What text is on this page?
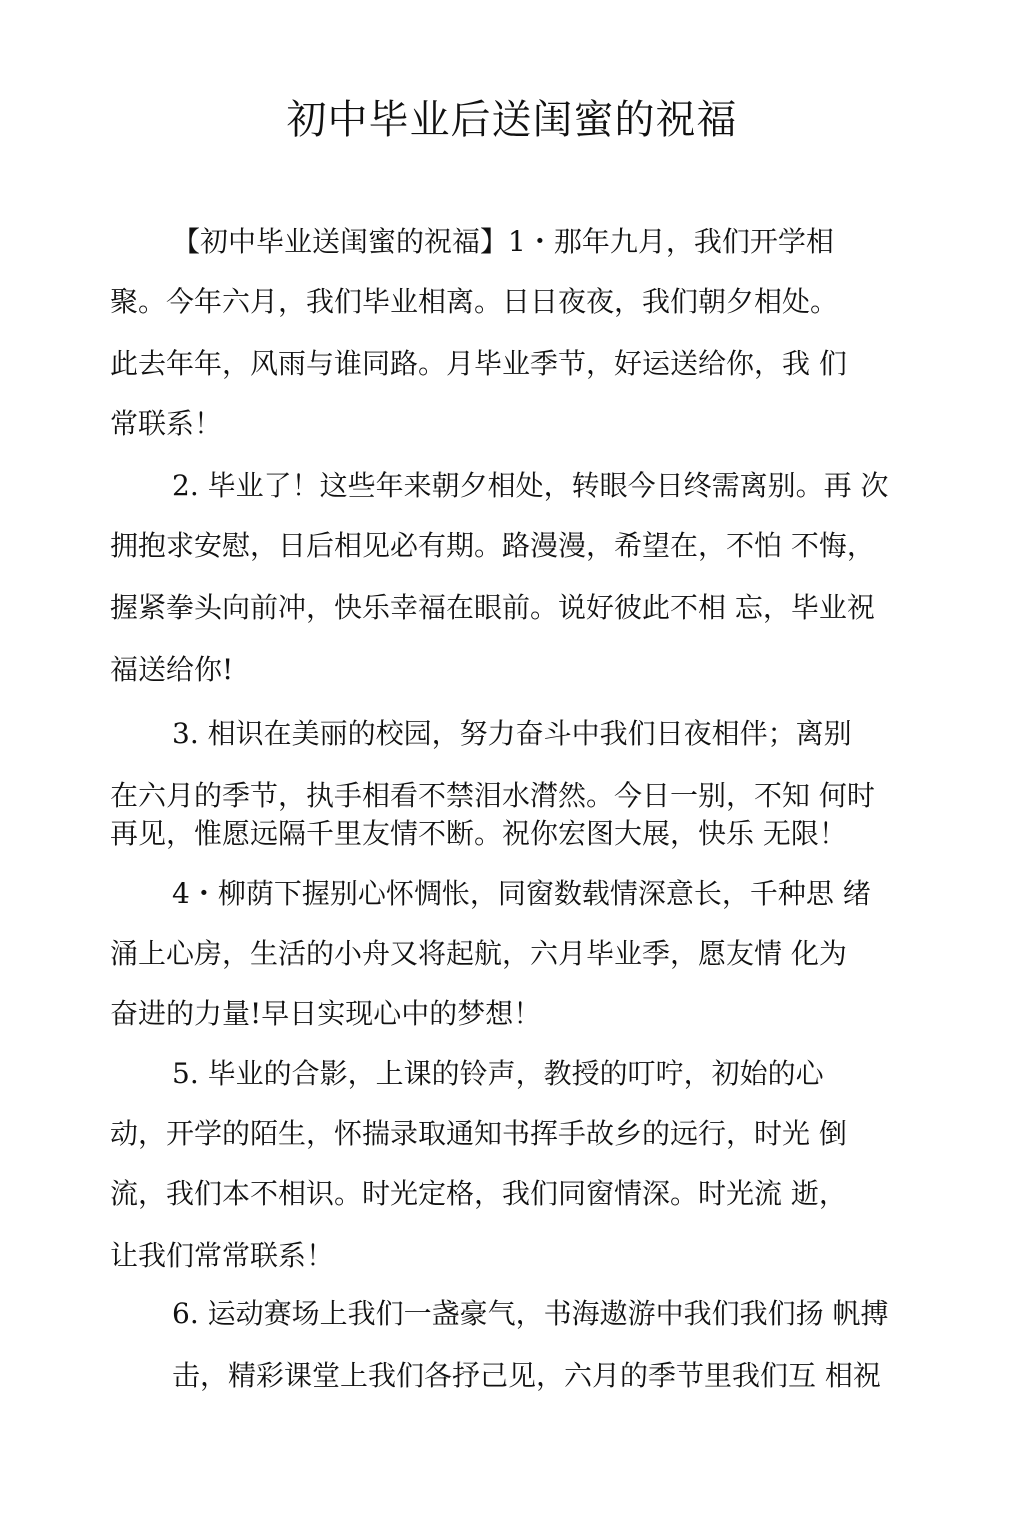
初中毕业后送闺蜜的祝福

【初中毕业送闺蜜的祝福】1・那年九月，我们开学相

聚。今年六月，我们毕业相离。日日夜夜，我们朝夕相处。

此去年年，风雨与谁同路。月毕业季节，好运送给你，我 们

常联系！

2. 毕业了！这些年来朝夕相处，转眼今日终需离别。再 次

拥抱求安慰，日后相见必有期。路漫漫，希望在，不怕 不悔，

握紧拳头向前冲，快乐幸福在眼前。说好彼此不相 忘，毕业祝

福送给你!

3. 相识在美丽的校园，努力奋斗中我们日夜相伴；离别

在六月的季节，执手相看不禁泪水潸然。今日一别，不知 何时

再见，惟愿远隔千里友情不断。祝你宏图大展，快乐 无限！

4・柳荫下握别心怀惆怅，同窗数载情深意长，千种思 绪

涌上心房，生活的小舟又将起航，六月毕业季，愿友情 化为

奋进的力量!早日实现心中的梦想！

5. 毕业的合影，上课的铃声，教授的叮咛，初始的心

动，开学的陌生，怀揣录取通知书挥手故乡的远行，时光 倒

流，我们本不相识。时光定格，我们同窗情深。时光流 逝，

让我们常常联系！

6. 运动赛场上我们一盏豪气，书海遨游中我们我们扬 帆搏

击，精彩课堂上我们各抒己见，六月的季节里我们互 相祝
